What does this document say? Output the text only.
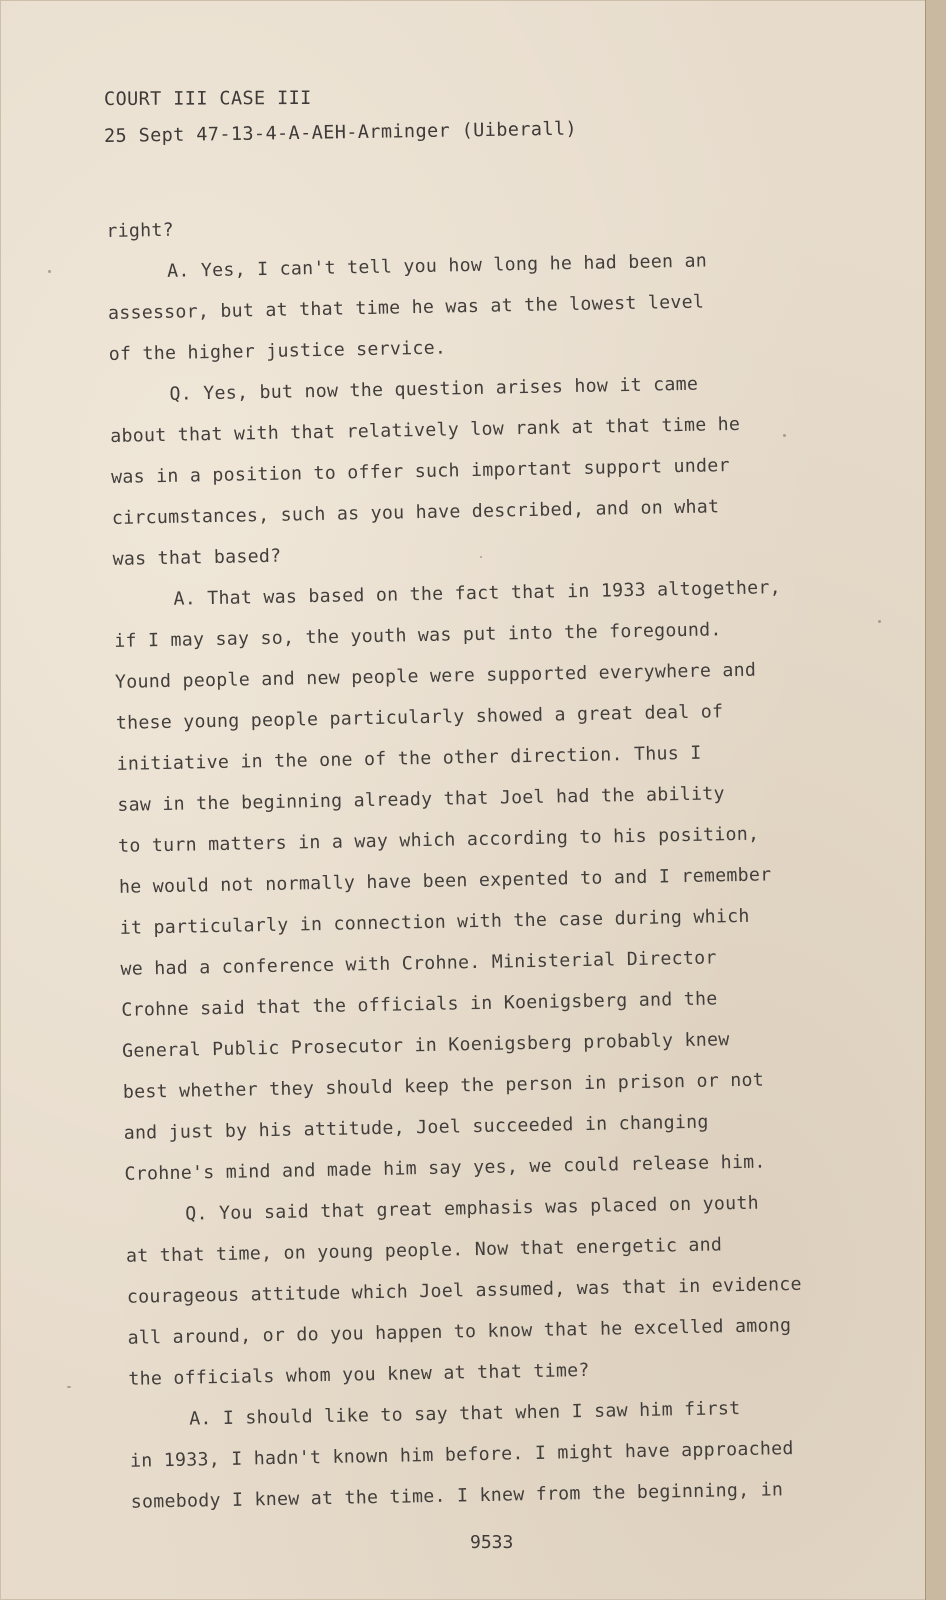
COURT III CASE III
25 Sept 47-13-4-A-AEH-Arminger (Uiberall)
right?
A. Yes, I can't tell you how long he had been an
assessor, but at that time he was at the lowest level
of the higher justice service.
Q. Yes, but now the question arises how it came
about that with that relatively low rank at that time he
was in a position to offer such important support under
circumstances, such as you have described, and on what
was that based?
A. That was based on the fact that in 1933 altogether,
if I may say so, the youth was put into the foregound.
Yound people and new people were supported everywhere and
these young people particularly showed a great deal of
initiative in the one of the other direction. Thus I
saw in the beginning already that Joel had the ability
to turn matters in a way which according to his position,
he would not normally have been expented to and I remember
it particularly in connection with the case during which
we had a conference with Crohne. Ministerial Director
Crohne said that the officials in Koenigsberg and the
General Public Prosecutor in Koenigsberg probably knew
best whether they should keep the person in prison or not
and just by his attitude, Joel succeeded in changing
Crohne's mind and made him say yes, we could release him.
Q. You said that great emphasis was placed on youth
at that time, on young people. Now that energetic and
courageous attitude which Joel assumed, was that in evidence
all around, or do you happen to know that he excelled among
the officials whom you knew at that time?
A. I should like to say that when I saw him first
in 1933, I hadn't known him before. I might have approached
somebody I knew at the time. I knew from the beginning, in
9533
